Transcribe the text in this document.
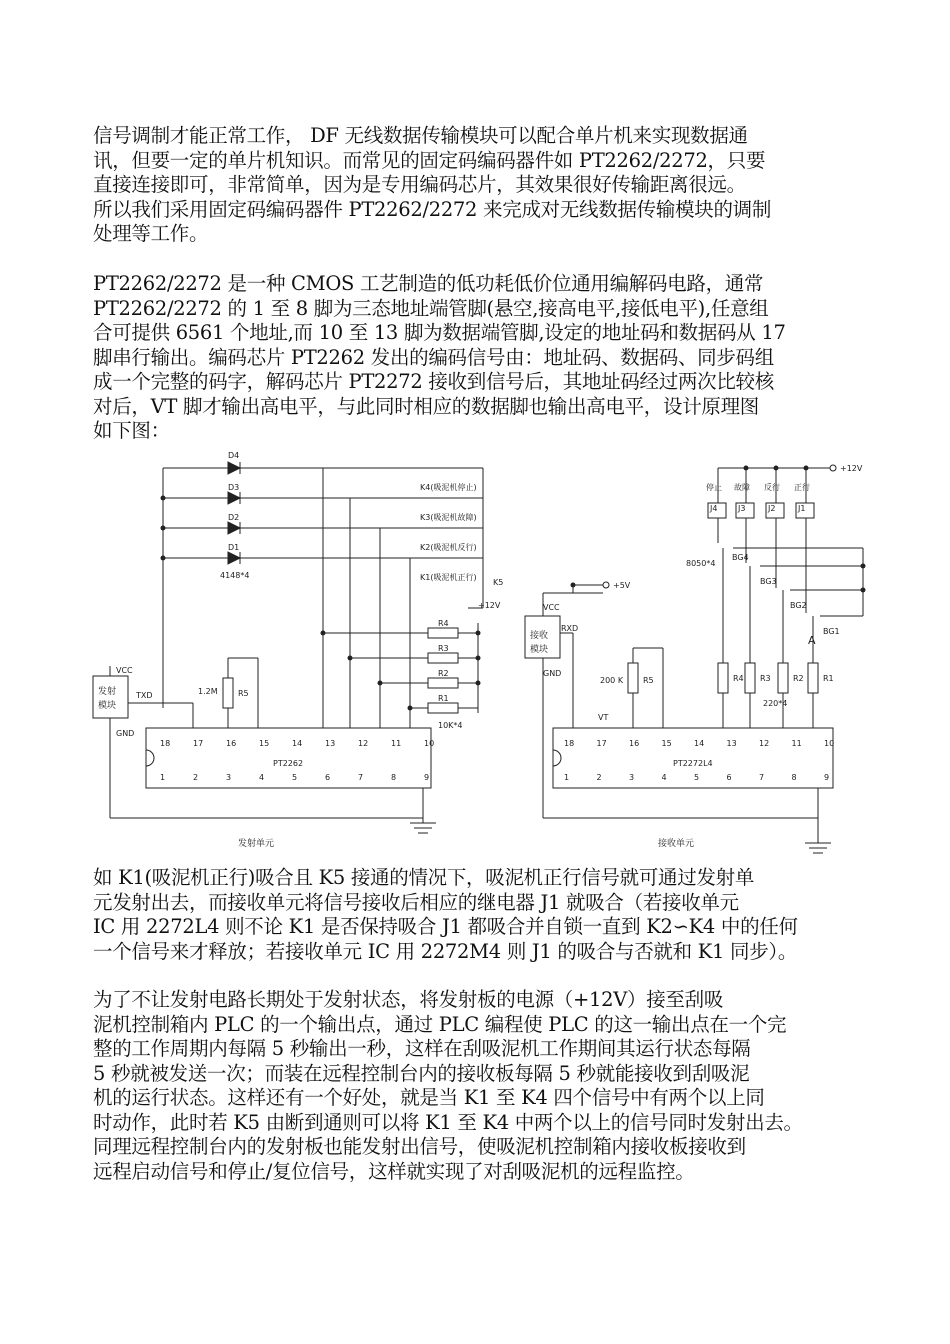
信号调制才能正常工作， DF 无线数据传输模块可以配合单片机来实现数据通
讯，但要一定的单片机知识。而常见的固定码编码器件如 PT2262/2272，只要
直接连接即可，非常简单，因为是专用编码芯片，其效果很好传输距离很远。
所以我们采用固定码编码器件 PT2262/2272 来完成对无线数据传输模块的调制
处理等工作。
PT2262/2272 是一种 CMOS 工艺制造的低功耗低价位通用编解码电路，通常
PT2262/2272 的 1 至 8 脚为三态地址端管脚(悬空,接高电平,接低电平),任意组
合可提供 6561 个地址,而 10 至 13 脚为数据端管脚,设定的地址码和数据码从 17
脚串行输出。编码芯片 PT2262 发出的编码信号由：地址码、数据码、同步码组
成一个完整的码字，解码芯片 PT2272 接收到信号后，其地址码经过两次比较核
对后，VT 脚才输出高电平，与此同时相应的数据脚也输出高电平，设计原理图
如下图：
D4
D3
D2
D1
4148*4
K4(吸泥机停止)
K3(吸泥机故障)
K2(吸泥机反行)
K1(吸泥机正行)
K5
+12V
R4
R3
R2
R1
10K*4
VCC
GND
TXD	R5
1.2M
PT2262
发射
模块
发射单元
接收
模块
接收单元
18	17	16	15	14	13	12	11	10
1	2	3	4	5	6	7	8	9
18	17	16	15	14	13	12	11	10
1	2	3	4	5	6	7	8	9
+5V
+12V
VCC
GND
RXD
VT
R5
200 K
PT2272L4
J4	J3	J2	J1
停止 故障 反行 正行
8050*4
BG4
BG3
BG2
BG1
A
R4 R3	R2 R1
220*4
如 K1(吸泥机正行)吸合且 K5 接通的情况下，吸泥机正行信号就可通过发射单
元发射出去，而接收单元将信号接收后相应的继电器 J1 就吸合（若接收单元
IC 用 2272L4 则不论 K1 是否保持吸合 J1 都吸合并自锁一直到 K2∽K4 中的任何
一个信号来才释放；若接收单元 IC 用 2272M4 则 J1 的吸合与否就和 K1 同步）。
为了不让发射电路长期处于发射状态，将发射板的电源（+12V）接至刮吸
泥机控制箱内 PLC 的一个输出点，通过 PLC 编程使 PLC 的这一输出点在一个完
整的工作周期内每隔 5 秒输出一秒，这样在刮吸泥机工作期间其运行状态每隔
5 秒就被发送一次；而装在远程控制台内的接收板每隔 5 秒就能接收到刮吸泥
机的运行状态。这样还有一个好处，就是当 K1 至 K4 四个信号中有两个以上同
时动作，此时若 K5 由断到通则可以将 K1 至 K4 中两个以上的信号同时发射出去。
同理远程控制台内的发射板也能发射出信号，使吸泥机控制箱内接收板接收到
远程启动信号和停止/复位信号，这样就实现了对刮吸泥机的远程监控。
